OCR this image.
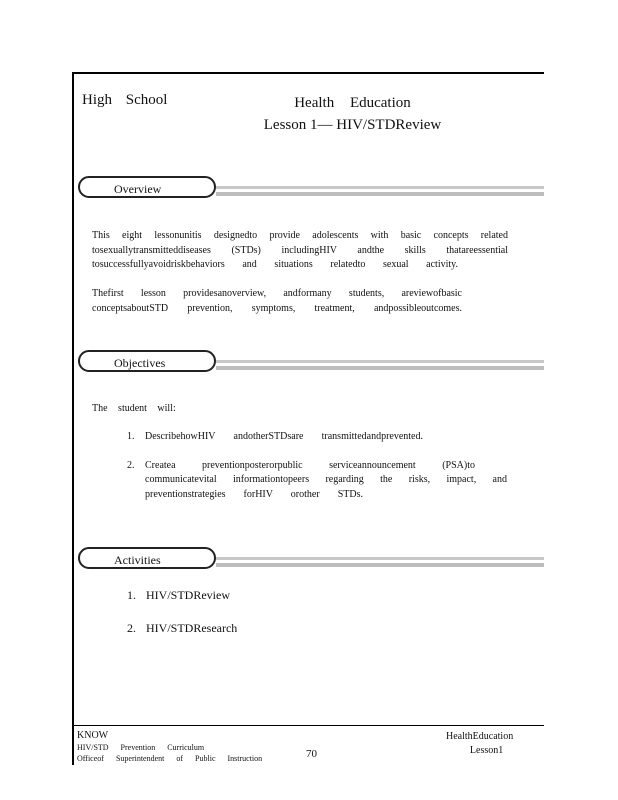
High School	Health Education
Lesson 1— HIV/STDReview
Overview
This eight lessonunitis designedto provide adolescents with basic concepts related
tosexuallytransmitteddiseases (STDs) includingHIV andthe skills thatareessential
tosuccessfullyavoidriskbehaviors and situations relatedto sexual activity.
Thefirst lesson providesanoverview, andformany students, areviewofbasic
conceptsaboutSTD prevention, symptoms, treatment, andpossibleoutcomes.
Objectives
The student will:
1. DescribehowHIV andotherSTDsare transmittedandprevented.
2. Createa preventionposterorpublic serviceannouncement (PSA)to
communicatevital informationtopeers regarding the risks, impact, and
preventionstrategies forHIV orother STDs.
Activities
1. HIV/STDReview
2. HIV/STDResearch
KNOW
HIV/STD Prevention Curriculum
Officeof Superintendent of Public Instruction	70
HealthEducation
Lesson1
